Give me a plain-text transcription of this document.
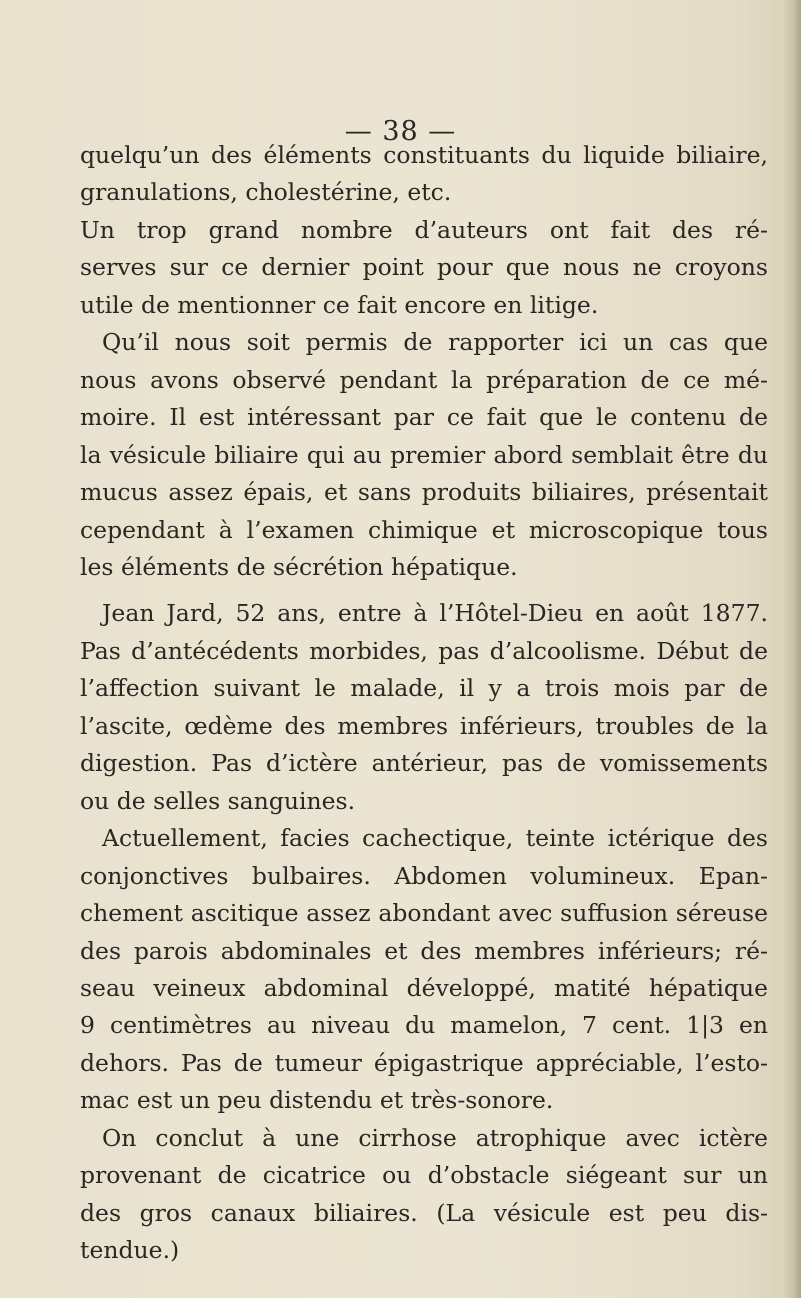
— 38 —
quelqu’un des éléments constituants du liquide biliaire,
granulations, cholestérine, etc.
Un trop grand nombre d’auteurs ont fait des ré-
serves sur ce dernier point pour que nous ne croyons
utile de mentionner ce fait encore en litige.
Qu’il nous soit permis de rapporter ici un cas que
nous avons observé pendant la préparation de ce mé-
moire. Il est intéressant par ce fait que le contenu de
la vésicule biliaire qui au premier abord semblait être du
mucus assez épais, et sans produits biliaires, présentait
cependant à l’examen chimique et microscopique tous
les éléments de sécrétion hépatique.
Jean Jard, 52 ans, entre à l’Hôtel-Dieu en août 1877.
Pas d’antécédents morbides, pas d’alcoolisme. Début de
l’affection suivant le malade, il y a trois mois par de
l’ascite, œdème des membres inférieurs, troubles de la
digestion. Pas d’ictère antérieur, pas de vomissements
ou de selles sanguines.
Actuellement, facies cachectique, teinte ictérique des
conjonctives bulbaires. Abdomen volumineux. Epan-
chement ascitique assez abondant avec suffusion séreuse
des parois abdominales et des membres inférieurs; ré-
seau veineux abdominal développé, matité hépatique
9 centimètres au niveau du mamelon, 7 cent. 1|3 en
dehors. Pas de tumeur épigastrique appréciable, l’esto-
mac est un peu distendu et très-sonore.
On conclut à une cirrhose atrophique avec ictère
provenant de cicatrice ou d’obstacle siégeant sur un
des gros canaux biliaires. (La vésicule est peu dis-
tendue.)
